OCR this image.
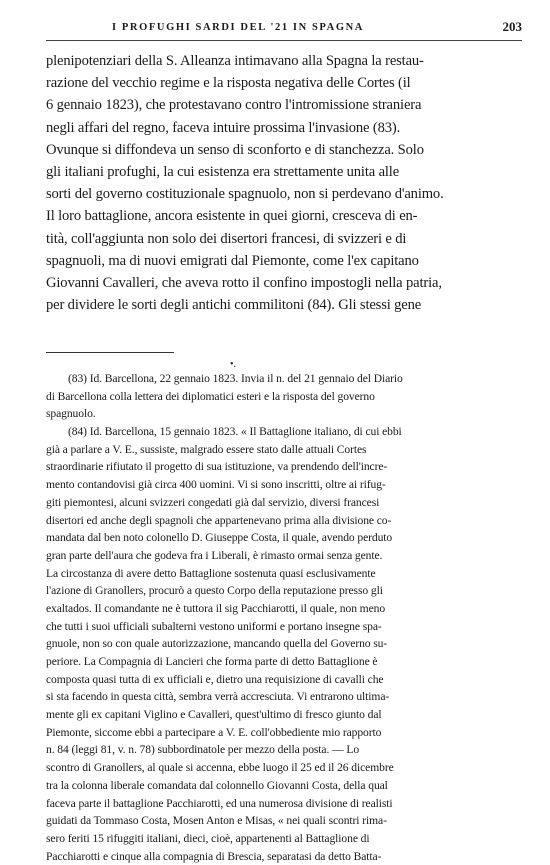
I PROFUGHI SARDI DEL '21 IN SPAGNA	203
plenipotenziari della S. Alleanza intimavano alla Spagna la restau-
razione del vecchio regime e la risposta negativa delle Cortes (il
6 gennaio 1823), che protestavano contro l'intromissione straniera
negli affari del regno, faceva intuire prossima l'invasione (83).
Ovunque si diffondeva un senso di sconforto e di stanchezza. Solo
gli italiani profughi, la cui esistenza era strettamente unita alle
sorti del governo costituzionale spagnuolo, non si perdevano d'animo.
Il loro battaglione, ancora esistente in quei giorni, cresceva di en-
tità, coll'aggiunta non solo dei disertori francesi, di svizzeri e di
spagnuoli, ma di nuovi emigrati dal Piemonte, come l'ex capitano
Giovanni Cavalleri, che aveva rotto il confino impostogli nella patria,
per dividere le sorti degli antichi commilitoni (84). Gli stessi gene
•.
(83) Id. Barcellona, 22 gennaio 1823. Invia il n. del 21 gennaio del Diario
di Barcellona colla lettera dei diplomatici esteri e la risposta del governo
spagnuolo.
(84) Id. Barcellona, 15 gennaio 1823. « Il Battaglione italiano, di cui ebbi
già a parlare a V. E., sussiste, malgrado essere stato dalle attuali Cortes
straordinarie rifiutato il progetto di sua istituzione, va prendendo dell'incre-
mento contandovisi già circa 400 uomini. Vi si sono inscritti, oltre ai rifug-
giti piemontesi, alcuni svizzeri congedati già dal servizio, diversi francesi
disertori ed anche degli spagnoli che appartenevano prima alla divisione co-
mandata dal ben noto colonello D. Giuseppe Costa, il quale, avendo perduto
gran parte dell'aura che godeva fra i Liberali, è rimasto ormai senza gente.
La circostanza di avere detto Battaglione sostenuta quasi esclusivamente
l'azione di Granollers, procurò a questo Corpo della reputazione presso gli
exaltados. Il comandante ne è tuttora il sig Pacchiarotti, il quale, non meno
che tutti i suoi ufficiali subalterni vestono uniformi e portano insegne spa-
gnuole, non so con quale autorizzazione, mancando quella del Governo su-
periore. La Compagnia di Lancieri che forma parte di detto Battaglione è
composta quasi tutta di ex ufficiali e, dietro una requisizione di cavalli che
si sta facendo in questa città, sembra verrà accresciuta. Vi entrarono ultima-
mente gli ex capitani Viglino e Cavalleri, quest'ultimo di fresco giunto dal
Piemonte, siccome ebbi a partecipare a V. E. coll'obbediente mio rapporto
n. 84 (leggi 81, v. n. 78) subbordinatole per mezzo della posta. — Lo
scontro di Granollers, al quale si accenna, ebbe luogo il 25 ed il 26 dicembre
tra la colonna liberale comandata dal colonnello Giovanni Costa, della qual
faceva parte il battaglione Pacchiarotti, ed una numerosa divisione di realisti
guidati da Tommaso Costa, Mosen Anton e Misas, « nei quali scontri rima-
sero feriti 15 rifuggiti italiani, dieci, cioè, appartenenti al Battaglione di
Pacchiarotti e cinque alla compagnia di Brescia, separatasi da detto Batta-
